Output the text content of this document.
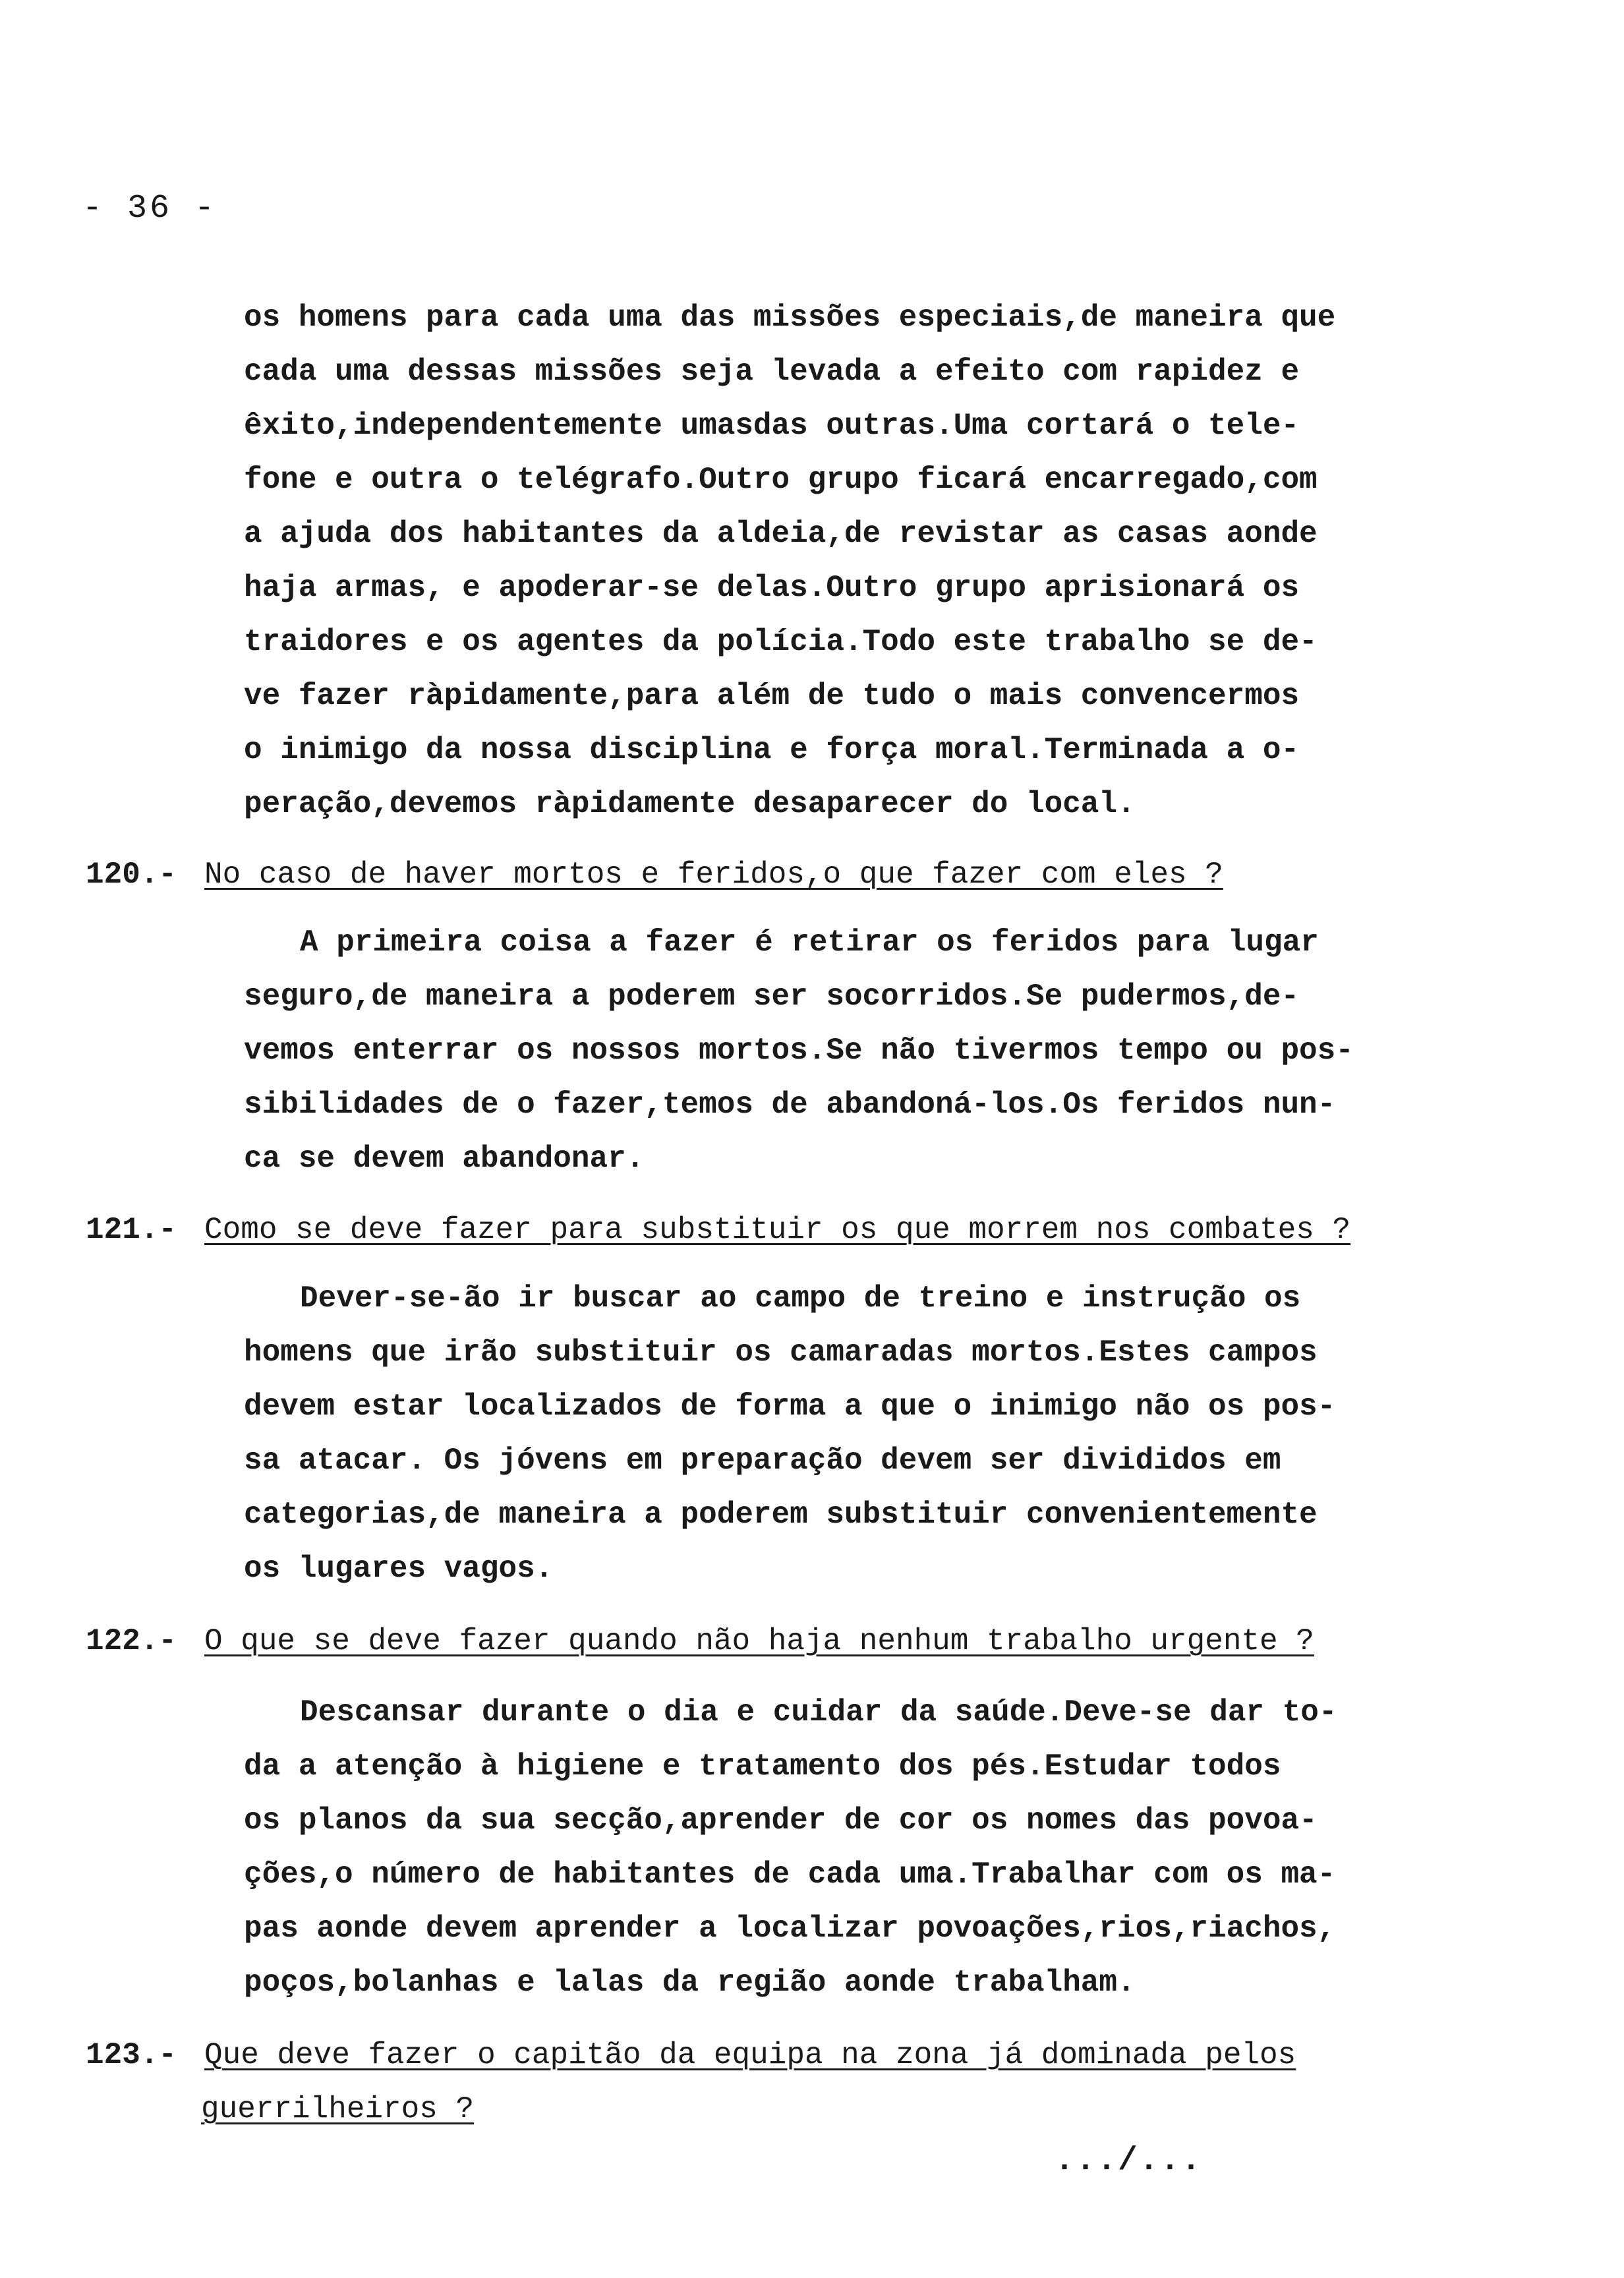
- 36 -
os homens para cada uma das missões especiais,de maneira que
cada uma dessas missões seja levada a efeito com rapidez e
êxito,independentemente umasdas outras.Uma cortará o tele-
fone e outra o telégrafo.Outro grupo ficará encarregado,com
a ajuda dos habitantes da aldeia,de revistar as casas aonde
haja armas, e apoderar-se delas.Outro grupo aprisionará os
traidores e os agentes da polícia.Todo este trabalho se de-
ve fazer ràpidamente,para além de tudo o mais convencermos
o inimigo da nossa disciplina e força moral.Terminada a o-
peração,devemos ràpidamente desaparecer do local.
120.- No caso de haver mortos e feridos,o que fazer com eles ?
A primeira coisa a fazer é retirar os feridos para lugar
seguro,de maneira a poderem ser socorridos.Se pudermos,de-
vemos enterrar os nossos mortos.Se não tivermos tempo ou pos-
sibilidades de o fazer,temos de abandoná-los.Os feridos nun-
ca se devem abandonar.
121.- Como se deve fazer para substituir os que morrem nos combates ?
Dever-se-ão ir buscar ao campo de treino e instrução os
homens que irão substituir os camaradas mortos.Estes campos
devem estar localizados de forma a que o inimigo não os pos-
sa atacar. Os jóvens em preparação devem ser divididos em
categorias,de maneira a poderem substituir convenientemente
os lugares vagos.
122.- O que se deve fazer quando não haja nenhum trabalho urgente ?
Descansar durante o dia e cuidar da saúde.Deve-se dar to-
da a atenção à higiene e tratamento dos pés.Estudar todos
os planos da sua secção,aprender de cor os nomes das povoa-
ções,o número de habitantes de cada uma.Trabalhar com os ma-
pas aonde devem aprender a localizar povoações,rios,riachos,
poços,bolanhas e lalas da região aonde trabalham.
123.- Que deve fazer o capitão da equipa na zona já dominada pelos
guerrilheiros ?
.../...
